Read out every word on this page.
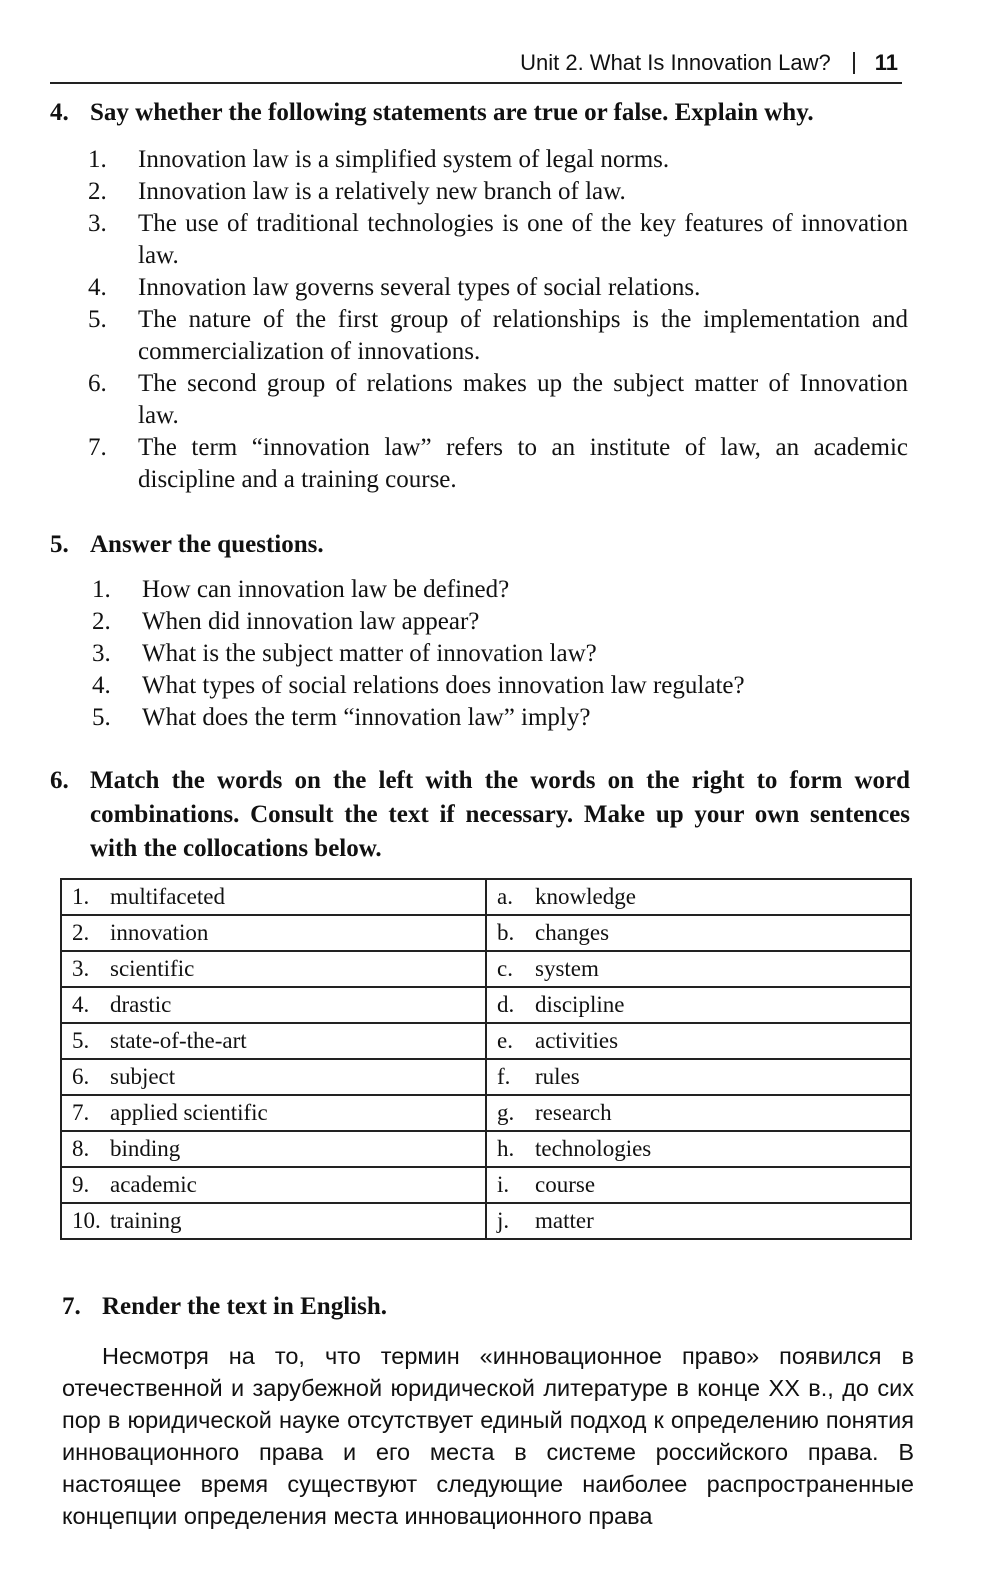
Unit 2. What Is Innovation Law? 11
4. Say whether the following statements are true or false. Explain why.
1.	Innovation law is a simplified system of legal norms.
2.	Innovation law is a relatively new branch of law.
3.	The use of traditional technologies is one of the key features of innovation law.
4.	Innovation law governs several types of social relations.
5.	The nature of the first group of relationships is the implementation and commercialization of innovations.
6.	The second group of relations makes up the subject matter of Innovation law.
7.	The term “innovation law” refers to an institute of law, an academic discipline and a training course.
5. Answer the questions.
1.	How can innovation law be defined?
2.	When did innovation law appear?
3.	What is the subject matter of innovation law?
4.	What types of social relations does innovation law regulate?
5.	What does the term “innovation law” imply?
6. Match the words on the left with the words on the right to form word combinations. Consult the text if necessary. Make up your own sentences with the collocations below.
1. multifaceted	a. knowledge
2. innovation	b. changes
3. scientific	c. system
4. drastic	d. discipline
5. state-of-the-art	e. activities
6. subject	f. rules
7. applied scientific	g. research
8. binding	h. technologies
9. academic	i. course
10. training	j. matter
7. Render the text in English.
Несмотря на то, что термин «инновационное право» появился в отечественной и зарубежной юридической литературе в конце XX в., до сих пор в юридической науке отсутствует единый подход к определению понятия инновационного права и его места в системе российского права. В настоящее время существуют следующие наиболее распространенные концепции определения места инновационного права
